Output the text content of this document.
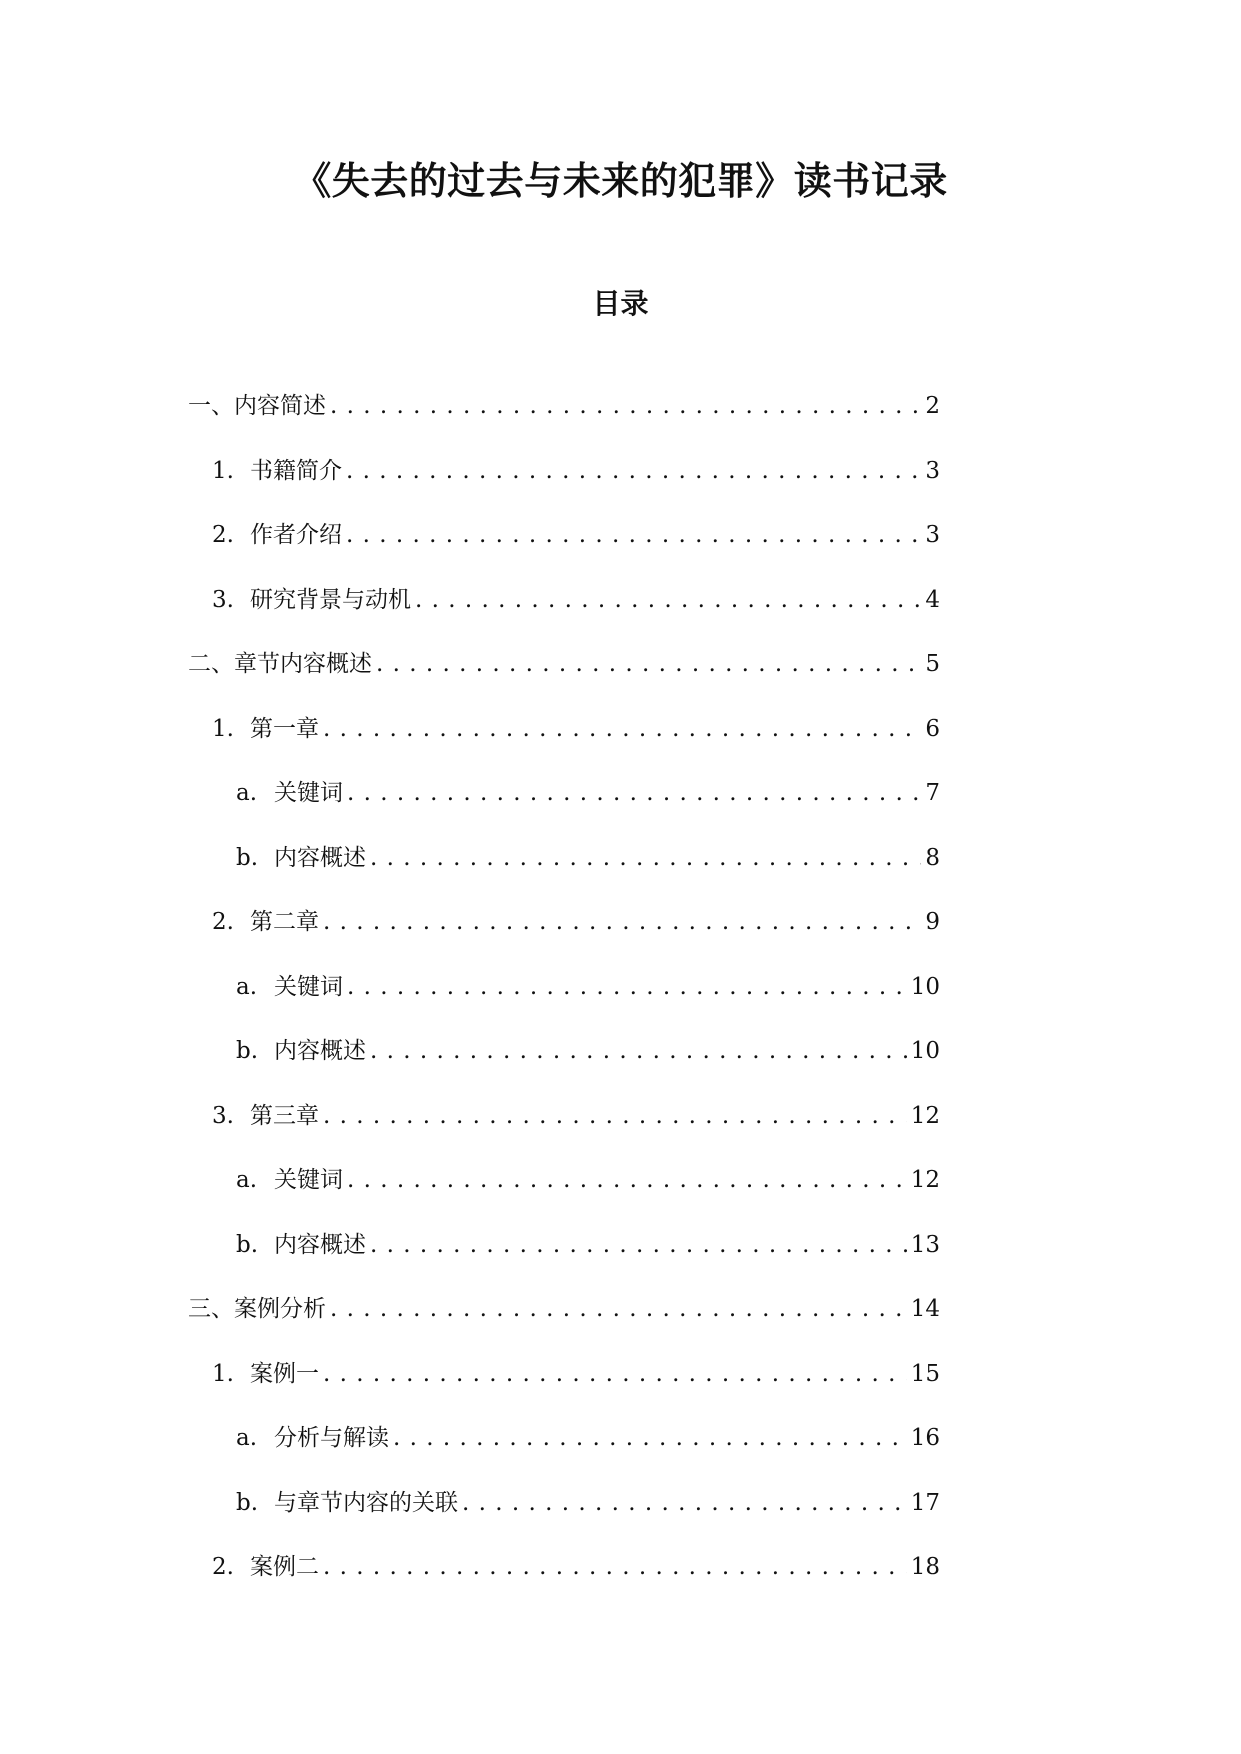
《失去的过去与未来的犯罪》读书记录
目录
一、内容简述 . . .	2
1. 书籍简介 . . .	3
2. 作者介绍 . . .	3
3. 研究背景与动机 . . .	4
二、章节内容概述 . . .	5
1. 第一章 . . .	6
a. 关键词 . . .	7
b. 内容概述 . . .	8
2. 第二章 . . .	9
a. 关键词 . . .	10
b. 内容概述 . . .	10
3. 第三章 . . .	12
a. 关键词 . . .	12
b. 内容概述 . . .	13
三、案例分析 . . .	14
1. 案例一 . . .	15
a. 分析与解读 . . .	16
b. 与章节内容的关联 . . .	17
2. 案例二 . . .	18
